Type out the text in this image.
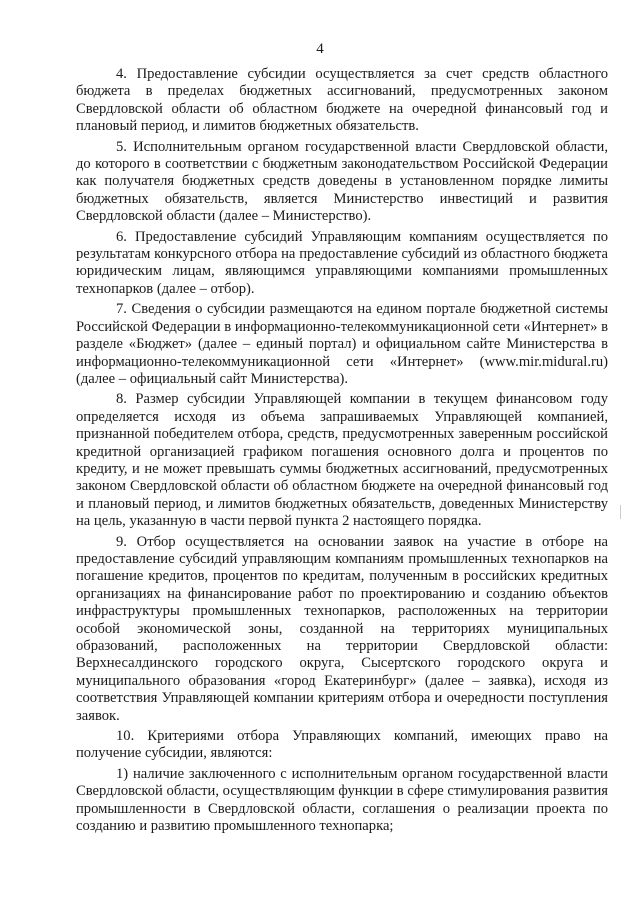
4

4. Предоставление субсидии осуществляется за счет средств областного бюджета в пределах бюджетных ассигнований, предусмотренных законом Свердловской области об областном бюджете на очередной финансовый год и плановый период, и лимитов бюджетных обязательств.

5. Исполнительным органом государственной власти Свердловской области, до которого в соответствии с бюджетным законодательством Российской Федерации как получателя бюджетных средств доведены в установленном порядке лимиты бюджетных обязательств, является Министерство инвестиций и развития Свердловской области (далее – Министерство).

6. Предоставление субсидий Управляющим компаниям осуществляется по результатам конкурсного отбора на предоставление субсидий из областного бюджета юридическим лицам, являющимся управляющими компаниями промышленных технопарков (далее – отбор).

7. Сведения о субсидии размещаются на едином портале бюджетной системы Российской Федерации в информационно-телекоммуникационной сети «Интернет» в разделе «Бюджет» (далее – единый портал) и официальном сайте Министерства в информационно-телекоммуникационной сети «Интернет» (www.mir.midural.ru) (далее – официальный сайт Министерства).

8. Размер субсидии Управляющей компании в текущем финансовом году определяется исходя из объема запрашиваемых Управляющей компанией, признанной победителем отбора, средств, предусмотренных заверенным российской кредитной организацией графиком погашения основного долга и процентов по кредиту, и не может превышать суммы бюджетных ассигнований, предусмотренных законом Свердловской области об областном бюджете на очередной финансовый год и плановый период, и лимитов бюджетных обязательств, доведенных Министерству на цель, указанную в части первой пункта 2 настоящего порядка.

9. Отбор осуществляется на основании заявок на участие в отборе на предоставление субсидий управляющим компаниям промышленных технопарков на погашение кредитов, процентов по кредитам, полученным в российских кредитных организациях на финансирование работ по проектированию и созданию объектов инфраструктуры промышленных технопарков, расположенных на территории особой экономической зоны, созданной на территориях муниципальных образований, расположенных на территории Свердловской области: Верхнесалдинского городского округа, Сысертского городского округа и муниципального образования «город Екатеринбург» (далее – заявка), исходя из соответствия Управляющей компании критериям отбора и очередности поступления заявок.

10. Критериями отбора Управляющих компаний, имеющих право на получение субсидии, являются:

1) наличие заключенного с исполнительным органом государственной власти Свердловской области, осуществляющим функции в сфере стимулирования развития промышленности в Свердловской области, соглашения о реализации проекта по созданию и развитию промышленного технопарка;
